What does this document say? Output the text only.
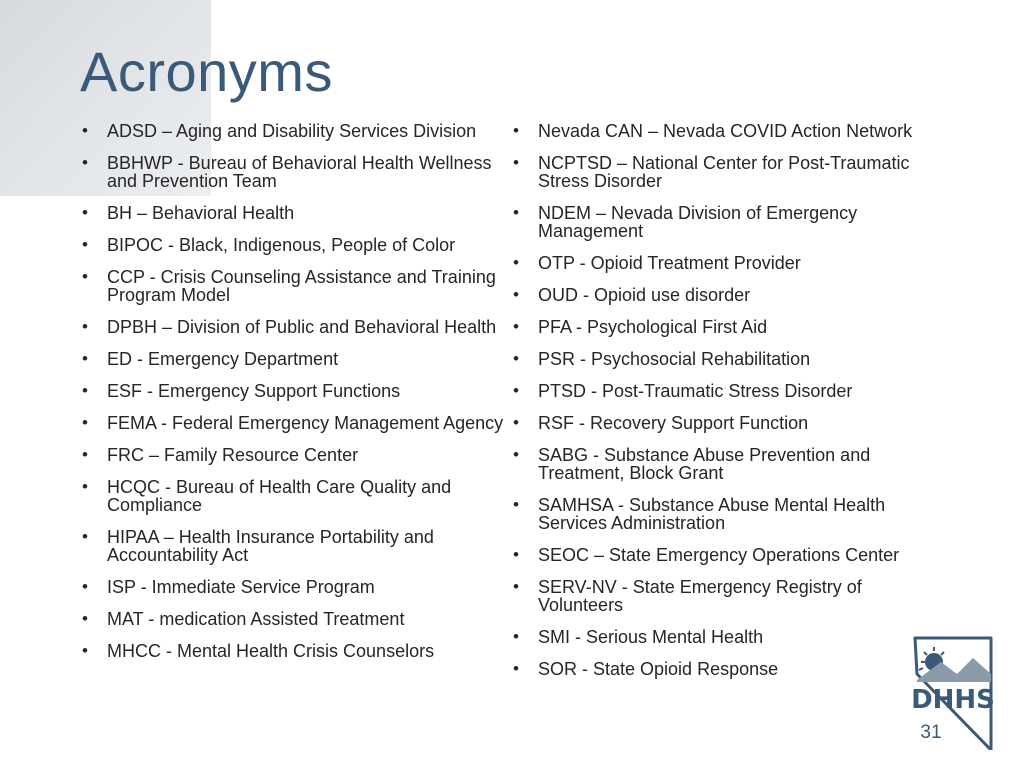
Acronyms
• ADSD – Aging and Disability Services Division
• BBHWP - Bureau of Behavioral Health Wellness and Prevention Team
• BH – Behavioral Health
• BIPOC - Black, Indigenous, People of Color
• CCP - Crisis Counseling Assistance and Training Program Model
• DPBH – Division of Public and Behavioral Health
• ED - Emergency Department
• ESF - Emergency Support Functions
• FEMA - Federal Emergency Management Agency
• FRC – Family Resource Center
• HCQC - Bureau of Health Care Quality and Compliance
• HIPAA – Health Insurance Portability and Accountability Act
• ISP - Immediate Service Program
• MAT - medication Assisted Treatment
• MHCC - Mental Health Crisis Counselors
• Nevada CAN – Nevada COVID Action Network
• NCPTSD – National Center for Post-Traumatic Stress Disorder
• NDEM – Nevada Division of Emergency Management
• OTP - Opioid Treatment Provider
• OUD - Opioid use disorder
• PFA - Psychological First Aid
• PSR - Psychosocial Rehabilitation
• PTSD - Post-Traumatic Stress Disorder
• RSF - Recovery Support Function
• SABG - Substance Abuse Prevention and Treatment, Block Grant
• SAMHSA - Substance Abuse Mental Health Services Administration
• SEOC – State Emergency Operations Center
• SERV-NV - State Emergency Registry of Volunteers
• SMI - Serious Mental Health
• SOR - State Opioid Response
DHHS
31
